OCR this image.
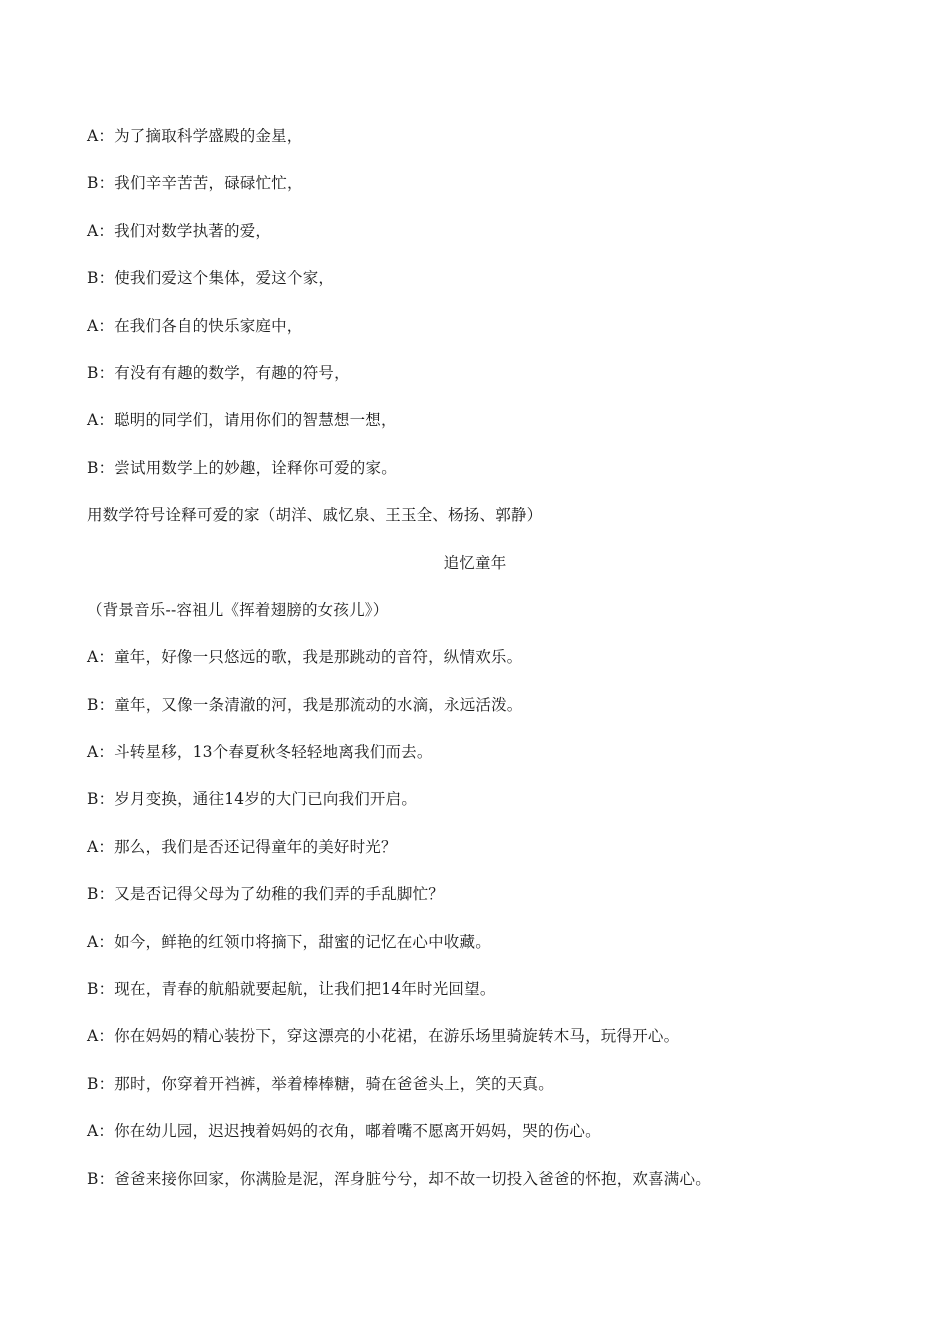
A：为了摘取科学盛殿的金星，

B：我们辛辛苦苦，碌碌忙忙，

A：我们对数学执著的爱，

B：使我们爱这个集体，爱这个家，

A：在我们各自的快乐家庭中，

B：有没有有趣的数学，有趣的符号，

A：聪明的同学们，请用你们的智慧想一想，

B：尝试用数学上的妙趣，诠释你可爱的家。

用数学符号诠释可爱的家（胡洋、戚忆泉、王玉全、杨扬、郭静）

追忆童年

（背景音乐--容祖儿《挥着翅膀的女孩儿》）

A：童年，好像一只悠远的歌，我是那跳动的音符，纵情欢乐。

B：童年，又像一条清澈的河，我是那流动的水滴，永远活泼。

A：斗转星移，13个春夏秋冬轻轻地离我们而去。

B：岁月变换，通往14岁的大门已向我们开启。

A：那么，我们是否还记得童年的美好时光？

B：又是否记得父母为了幼稚的我们弄的手乱脚忙？

A：如今，鲜艳的红领巾将摘下，甜蜜的记忆在心中收藏。

B：现在，青春的航船就要起航，让我们把14年时光回望。

A：你在妈妈的精心装扮下，穿这漂亮的小花裙，在游乐场里骑旋转木马，玩得开心。

B：那时，你穿着开裆裤，举着棒棒糖，骑在爸爸头上，笑的天真。

A：你在幼儿园，迟迟拽着妈妈的衣角，嘟着嘴不愿离开妈妈，哭的伤心。

B：爸爸来接你回家，你满脸是泥，浑身脏兮兮，却不故一切投入爸爸的怀抱，欢喜满心。
